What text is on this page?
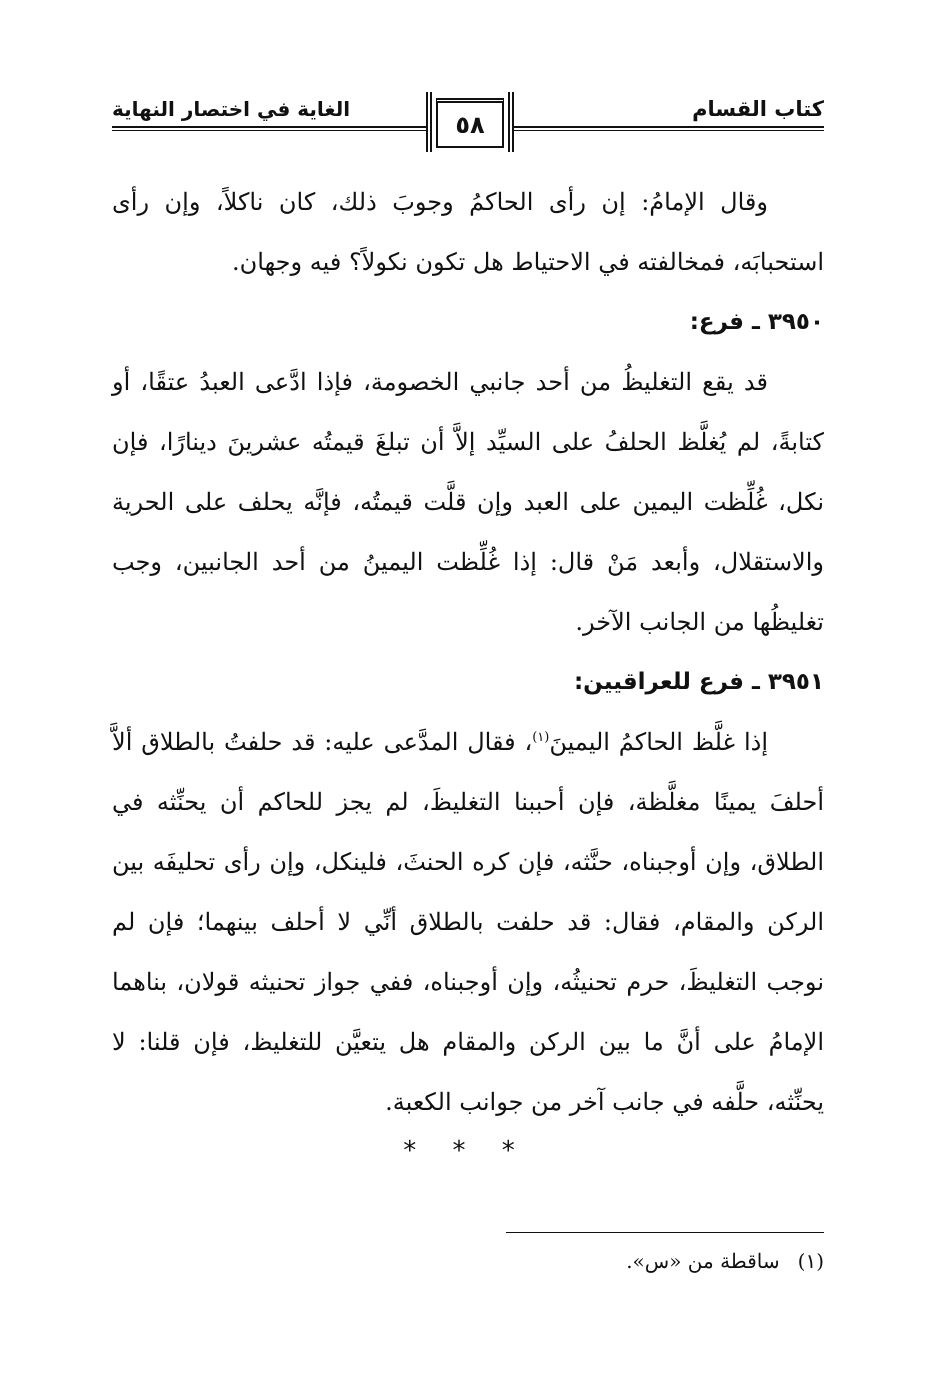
كتاب القسام
الغاية في اختصار النهاية
٥٨

وقال الإمامُ: إن رأى الحاكمُ وجوبَ ذلك، كان ناكلاً، وإن رأى استحبابَه، فمخالفته في الاحتياط هل تكون نكولاً؟ فيه وجهان.

٣٩٥٠ ـ فرع:

قد يقع التغليظُ من أحد جانبي الخصومة، فإذا ادَّعى العبدُ عتقًا، أو كتابةً، لم يُغلَّظ الحلفُ على السيِّد إلاَّ أن تبلغَ قيمتُه عشرينَ دينارًا، فإن نكل، غُلِّظت اليمين على العبد وإن قلَّت قيمتُه، فإنَّه يحلف على الحرية والاستقلال، وأبعد مَنْ قال: إذا غُلِّظت اليمينُ من أحد الجانبين، وجب تغليظُها من الجانب الآخر.

٣٩٥١ ـ فرع للعراقيين:

إذا غلَّظ الحاكمُ اليمينَ$^{(١)}$، فقال المدَّعى عليه: قد حلفتُ بالطلاق ألاَّ أحلفَ يمينًا مغلَّظة، فإن أحببنا التغليظَ، لم يجز للحاكم أن يحنِّثه في الطلاق، وإن أوجبناه، حنَّثه، فإن كره الحنثَ، فلينكل، وإن رأى تحليفَه بين الركن والمقام، فقال: قد حلفت بالطلاق أنِّي لا أحلف بينهما؛ فإن لم نوجب التغليظَ، حرم تحنيثُه، وإن أوجبناه، ففي جواز تحنيثه قولان، بناهما الإمامُ على أنَّ ما بين الركن والمقام هل يتعيَّن للتغليظ، فإن قلنا: لا يحنِّثه، حلَّفه في جانب آخر من جوانب الكعبة.

* * *
(١)ساقطة من «س».
